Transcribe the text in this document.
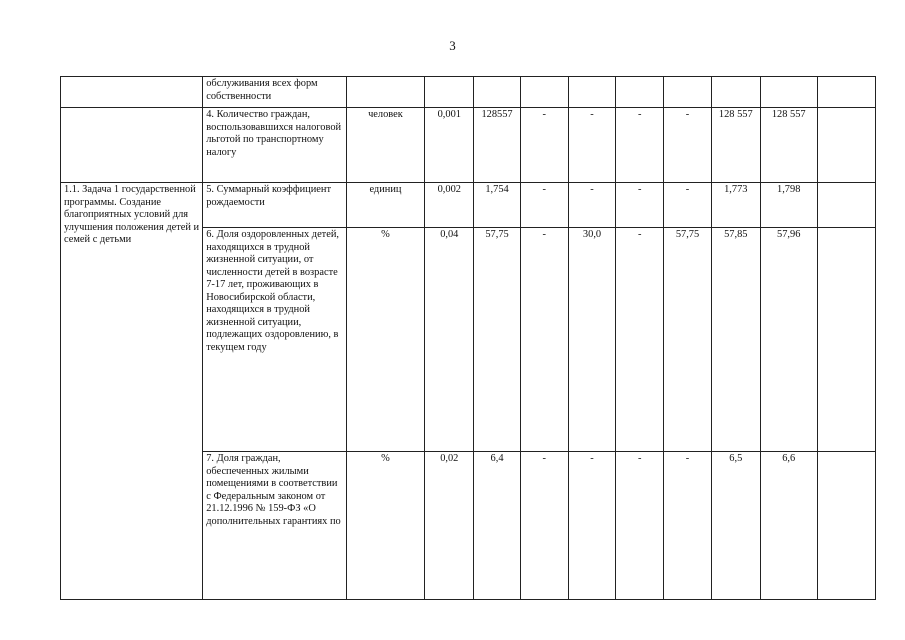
3
	обслуживания всех форм собственности										
	4. Количество граждан, воспользовавшихся налоговой льготой по транспортному налогу	человек	0,001	128557	-	-	-	-	128 557	128 557	
1.1. Задача 1 государственной программы. Создание благоприятных условий для улучшения положения детей и семей с детьми	5. Суммарный коэффициент рождаемости	единиц	0,002	1,754	-	-	-	-	1,773	1,798	
	6. Доля оздоровленных детей, находящихся в трудной жизненной ситуации, от численности детей в возрасте 7-17 лет, проживающих в Новосибирской области, находящихся в трудной жизненной ситуации, подлежащих оздоровлению, в текущем году	%	0,04	57,75	-	30,0	-	57,75	57,85	57,96	
	7. Доля граждан, обеспеченных жилыми помещениями в соответствии с Федеральным законом от 21.12.1996 № 159-ФЗ «О дополнительных гарантиях по	%	0,02	6,4	-	-	-	-	6,5	6,6	
